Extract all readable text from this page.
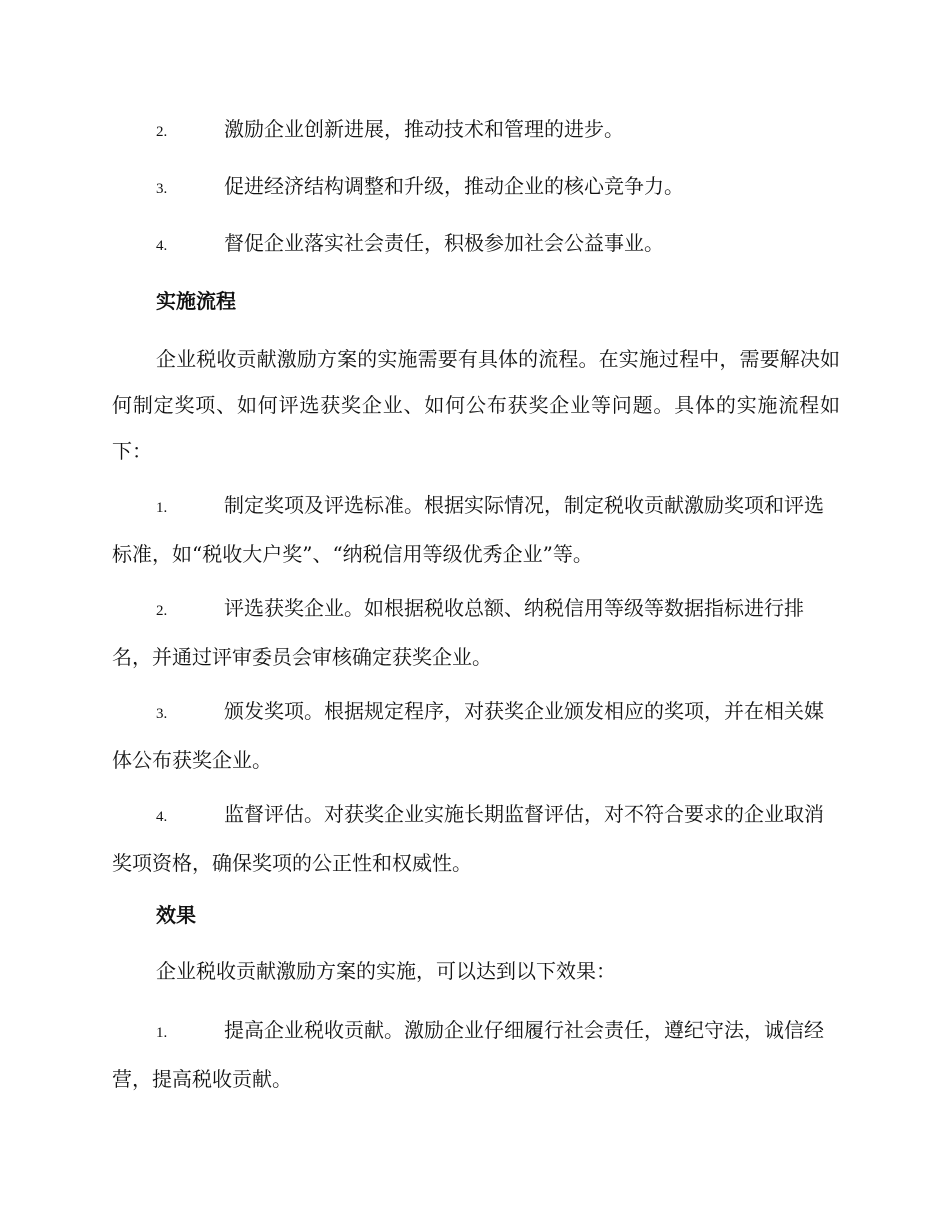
2.	激励企业创新进展，推动技术和管理的进步。

3.	促进经济结构调整和升级，推动企业的核心竞争力。

4.	督促企业落实社会责任，积极参加社会公益事业。

实施流程

企业税收贡献激励方案的实施需要有具体的流程。在实施过程中，需要解决如何制定奖项、如何评选获奖企业、如何公布获奖企业等问题。具体的实施流程如下：

1.	制定奖项及评选标准。根据实际情况，制定税收贡献激励奖项和评选标准，如“税收大户奖”、“纳税信用等级优秀企业”等。

2.	评选获奖企业。如根据税收总额、纳税信用等级等数据指标进行排名，并通过评审委员会审核确定获奖企业。

3.	颁发奖项。根据规定程序，对获奖企业颁发相应的奖项，并在相关媒体公布获奖企业。

4.	监督评估。对获奖企业实施长期监督评估，对不符合要求的企业取消奖项资格，确保奖项的公正性和权威性。

效果

企业税收贡献激励方案的实施，可以达到以下效果：

1.	提高企业税收贡献。激励企业仔细履行社会责任，遵纪守法，诚信经营，提高税收贡献。
